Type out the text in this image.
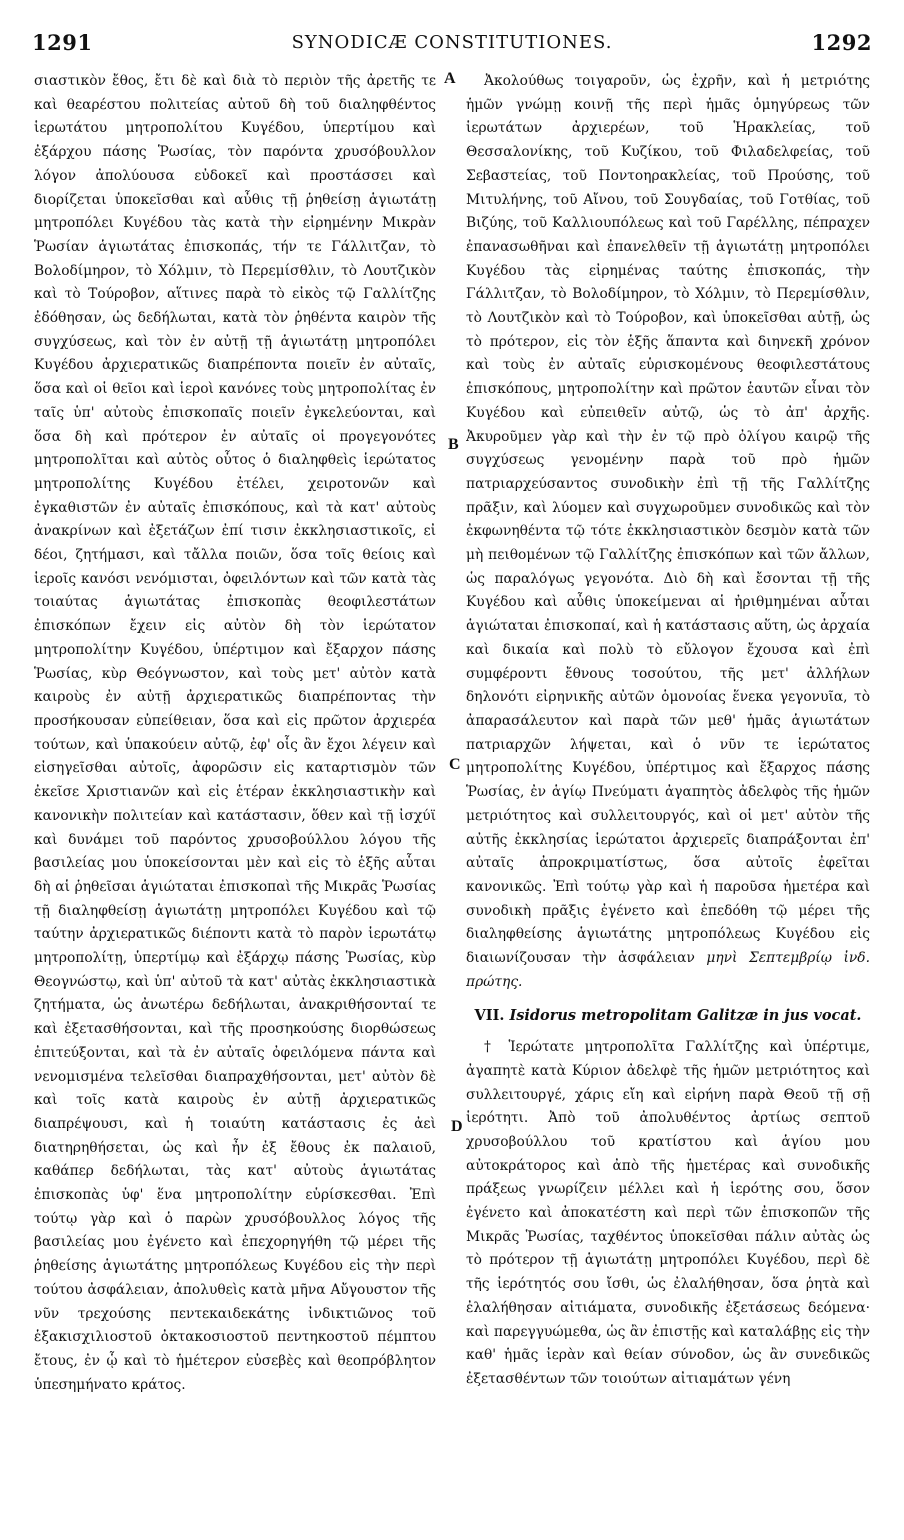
1291	SYNODICÆ CONSTITUTIONES.	1292

σιαστικὸν ἔθος, ἔτι δὲ καὶ διὰ τὸ περιὸν τῆς ἀρετῆς τε καὶ θεαρέστου πολιτείας αὐτοῦ δὴ τοῦ διαληφθέντος ἱερωτάτου μητροπολίτου Κυγέδου, ὑπερτίμου καὶ ἐξάρχου πάσης Ῥωσίας, τὸν παρόντα χρυσόβουλλον λόγον ἀπολύουσα εὐδοκεῖ καὶ προστάσσει καὶ διορίζεται ὑποκεῖσθαι καὶ αὖθις τῇ ῥηθείσῃ ἁγιωτάτῃ μητροπόλει Κυγέδου τὰς κατὰ τὴν εἰρημένην Μικρὰν Ῥωσίαν ἁγιωτάτας ἐπισκοπάς, τήν τε Γάλλιτζαν, τὸ Βολοδίμηρον, τὸ Χόλμιν, τὸ Περεμίσθλιν, τὸ Λουτζικὸν καὶ τὸ Τούροβον, αἵτινες παρὰ τὸ εἰκὸς τῷ Γαλλίτζης ἐδόθησαν, ὡς δεδήλωται, κατὰ τὸν ῥηθέντα καιρὸν τῆς συγχύσεως, καὶ τὸν ἐν αὐτῇ τῇ ἁγιωτάτῃ μητροπόλει Κυγέδου ἀρχιερατικῶς διαπρέποντα ποιεῖν ἐν αὐταῖς, ὅσα καὶ οἱ θεῖοι καὶ ἱεροὶ κανόνες τοὺς μητροπολίτας ἐν ταῖς ὑπ' αὐτοὺς ἐπισκοπαῖς ποιεῖν ἐγκελεύονται, καὶ ὅσα δὴ καὶ πρότερον ἐν αὐταῖς οἱ προγεγονότες μητροπολῖται καὶ αὐτὸς οὗτος ὁ διαληφθεὶς ἱερώτατος μητροπολίτης Κυγέδου ἐτέλει, χειροτονῶν καὶ ἐγκαθιστῶν ἐν αὐταῖς ἐπισκόπους, καὶ τὰ κατ' αὐτοὺς ἀνακρίνων καὶ ἐξετάζων ἐπί τισιν ἐκκλησιαστικοῖς, εἰ δέοι, ζητήμασι, καὶ τἄλλα ποιῶν, ὅσα τοῖς θείοις καὶ ἱεροῖς κανόσι νενόμισται, ὀφειλόντων καὶ τῶν κατὰ τὰς τοιαύτας ἁγιωτάτας ἐπισκοπὰς θεοφιλεστάτων ἐπισκόπων ἔχειν εἰς αὐτὸν δὴ τὸν ἱερώτατον μητροπολίτην Κυγέδου, ὑπέρτιμον καὶ ἔξαρχον πάσης Ῥωσίας, κὺρ Θεόγνωστον, καὶ τοὺς μετ' αὐτὸν κατὰ καιροὺς ἐν αὐτῇ ἀρχιερατικῶς διαπρέποντας τὴν προσήκουσαν εὐπείθειαν, ὅσα καὶ εἰς πρῶτον ἀρχιερέα τούτων, καὶ ὑπακούειν αὐτῷ, ἐφ' οἷς ἂν ἔχοι λέγειν καὶ εἰσηγεῖσθαι αὐτοῖς, ἀφορῶσιν εἰς καταρτισμὸν τῶν ἐκεῖσε Χριστιανῶν καὶ εἰς ἑτέραν ἐκκλησιαστικὴν καὶ κανονικὴν πολιτείαν καὶ κατάστασιν, ὅθεν καὶ τῇ ἰσχύϊ καὶ δυνάμει τοῦ παρόντος χρυσοβούλλου λόγου τῆς βασιλείας μου ὑποκείσονται μὲν καὶ εἰς τὸ ἑξῆς αὗται δὴ αἱ ῥηθεῖσαι ἁγιώταται ἐπισκοπαὶ τῆς Μικρᾶς Ῥωσίας τῇ διαληφθείσῃ ἁγιωτάτῃ μητροπόλει Κυγέδου καὶ τῷ ταύτην ἀρχιερατικῶς διέποντι κατὰ τὸ παρὸν ἱερωτάτῳ μητροπολίτῃ, ὑπερτίμῳ καὶ ἐξάρχῳ πάσης Ῥωσίας, κὺρ Θεογνώστῳ, καὶ ὑπ' αὐτοῦ τὰ κατ' αὐτὰς ἐκκλησιαστικὰ ζητήματα, ὡς ἀνωτέρω δεδήλωται, ἀνακριθήσονταί τε καὶ ἐξετασθήσονται, καὶ τῆς προσηκούσης διορθώσεως ἐπιτεύξονται, καὶ τὰ ἐν αὐταῖς ὀφειλόμενα πάντα καὶ νενομισμένα τελεῖσθαι διαπραχθήσονται, μετ' αὐτὸν δὲ καὶ τοῖς κατὰ καιροὺς ἐν αὐτῇ ἀρχιερατικῶς διαπρέψουσι, καὶ ἡ τοιαύτη κατάστασις ἐς ἀεὶ διατηρηθήσεται, ὡς καὶ ἦν ἐξ ἔθους ἐκ παλαιοῦ, καθάπερ δεδήλωται, τὰς κατ' αὐτοὺς ἁγιωτάτας ἐπισκοπὰς ὑφ' ἕνα μητροπολίτην εὑρίσκεσθαι. Ἐπὶ τούτῳ γὰρ καὶ ὁ παρὼν χρυσόβουλλος λόγος τῆς βασιλείας μου ἐγένετο καὶ ἐπεχορηγήθη τῷ μέρει τῆς ῥηθείσης ἁγιωτάτης μητροπόλεως Κυγέδου εἰς τὴν περὶ τούτου ἀσφάλειαν, ἀπολυθεὶς κατὰ μῆνα Αὔγουστον τῆς νῦν τρεχούσης πεντεκαιδεκάτης ἰνδικτιῶνος τοῦ ἑξακισχιλιοστοῦ ὀκτακοσιοστοῦ πεντηκοστοῦ πέμπτου ἔτους, ἐν ᾧ καὶ τὸ ἡμέτερον εὐσεβὲς καὶ θεοπρόβλητον ὑπεσημήνατο κράτος.

A
B
C
D

Ἀκολούθως τοιγαροῦν, ὡς ἐχρῆν, καὶ ἡ μετριότης ἡμῶν γνώμῃ κοινῇ τῆς περὶ ἡμᾶς ὁμηγύρεως τῶν ἱερωτάτων ἀρχιερέων, τοῦ Ἡρακλείας, τοῦ Θεσσαλονίκης, τοῦ Κυζίκου, τοῦ Φιλαδελφείας, τοῦ Σεβαστείας, τοῦ Ποντοηρακλείας, τοῦ Προύσης, τοῦ Μιτυλήνης, τοῦ Αἴνου, τοῦ Σουγδαίας, τοῦ Γοτθίας, τοῦ Βιζύης, τοῦ Καλλιουπόλεως καὶ τοῦ Γαρέλλης, πέπραχεν ἐπανασωθῆναι καὶ ἐπανελθεῖν τῇ ἁγιωτάτῃ μητροπόλει Κυγέδου τὰς εἰρημένας ταύτης ἐπισκοπάς, τὴν Γάλλιτζαν, τὸ Βολοδίμηρον, τὸ Χόλμιν, τὸ Περεμίσθλιν, τὸ Λουτζικὸν καὶ τὸ Τούροβον, καὶ ὑποκεῖσθαι αὐτῇ, ὡς τὸ πρότερον, εἰς τὸν ἑξῆς ἅπαντα καὶ διηνεκῆ χρόνον καὶ τοὺς ἐν αὐταῖς εὑρισκομένους θεοφιλεστάτους ἐπισκόπους, μητροπολίτην καὶ πρῶτον ἑαυτῶν εἶναι τὸν Κυγέδου καὶ εὐπειθεῖν αὐτῷ, ὡς τὸ ἀπ' ἀρχῆς. Ἀκυροῦμεν γὰρ καὶ τὴν ἐν τῷ πρὸ ὀλίγου καιρῷ τῆς συγχύσεως γενομένην παρὰ τοῦ πρὸ ἡμῶν πατριαρχεύσαντος συνοδικὴν ἐπὶ τῇ τῆς Γαλλίτζης πρᾶξιν, καὶ λύομεν καὶ συγχωροῦμεν συνοδικῶς καὶ τὸν ἐκφωνηθέντα τῷ τότε ἐκκλησιαστικὸν δεσμὸν κατὰ τῶν μὴ πειθομένων τῷ Γαλλίτζης ἐπισκόπων καὶ τῶν ἄλλων, ὡς παραλόγως γεγονότα. Διὸ δὴ καὶ ἔσονται τῇ τῆς Κυγέδου καὶ αὖθις ὑποκείμεναι αἱ ἠριθμημέναι αὗται ἁγιώταται ἐπισκοπαί, καὶ ἡ κατάστασις αὕτη, ὡς ἀρχαία καὶ δικαία καὶ πολὺ τὸ εὔλογον ἔχουσα καὶ ἐπὶ συμφέροντι ἔθνους τοσούτου, τῆς μετ' ἀλλήλων δηλονότι εἰρηνικῆς αὐτῶν ὁμονοίας ἕνεκα γεγονυῖα, τὸ ἀπαρασάλευτον καὶ παρὰ τῶν μεθ' ἡμᾶς ἁγιωτάτων πατριαρχῶν λήψεται, καὶ ὁ νῦν τε ἱερώτατος μητροπολίτης Κυγέδου, ὑπέρτιμος καὶ ἔξαρχος πάσης Ῥωσίας, ἐν ἁγίῳ Πνεύματι ἀγαπητὸς ἀδελφὸς τῆς ἡμῶν μετριότητος καὶ συλλειτουργός, καὶ οἱ μετ' αὐτὸν τῆς αὐτῆς ἐκκλησίας ἱερώτατοι ἀρχιερεῖς διαπράξονται ἐπ' αὐταῖς ἀπροκριματίστως, ὅσα αὐτοῖς ἐφεῖται κανονικῶς. Ἐπὶ τούτῳ γὰρ καὶ ἡ παροῦσα ἡμετέρα καὶ συνοδικὴ πρᾶξις ἐγένετο καὶ ἐπεδόθη τῷ μέρει τῆς διαληφθείσης ἁγιωτάτης μητροπόλεως Κυγέδου εἰς διαιωνίζουσαν τὴν ἀσφάλειαν μηνὶ Σεπτεμβρίῳ ἰνδ. πρώτης.

VII. Isidorus metropolitam Galitzæ in jus vocat.

† Ἱερώτατε μητροπολῖτα Γαλλίτζης καὶ ὑπέρτιμε, ἀγαπητὲ κατὰ Κύριον ἀδελφὲ τῆς ἡμῶν μετριότητος καὶ συλλειτουργέ, χάρις εἴη καὶ εἰρήνη παρὰ Θεοῦ τῇ σῇ ἱερότητι. Ἀπὸ τοῦ ἀπολυθέντος ἀρτίως σεπτοῦ χρυσοβούλλου τοῦ κρατίστου καὶ ἁγίου μου αὐτοκράτορος καὶ ἀπὸ τῆς ἡμετέρας καὶ συνοδικῆς πράξεως γνωρίζειν μέλλει καὶ ἡ ἱερότης σου, ὅσον ἐγένετο καὶ ἀποκατέστη καὶ περὶ τῶν ἐπισκοπῶν τῆς Μικρᾶς Ῥωσίας, ταχθέντος ὑποκεῖσθαι πάλιν αὐτὰς ὡς τὸ πρότερον τῇ ἁγιωτάτῃ μητροπόλει Κυγέδου, περὶ δὲ τῆς ἱερότητός σου ἴσθι, ὡς ἐλαλήθησαν, ὅσα ῥητὰ καὶ ἐλαλήθησαν αἰτιάματα, συνοδικῆς ἐξετάσεως δεόμενα· καὶ παρεγγυώμεθα, ὡς ἂν ἐπιστῇς καὶ καταλάβῃς εἰς τὴν καθ' ἡμᾶς ἱερὰν καὶ θείαν σύνοδον, ὡς ἂν συνεδικῶς ἐξετασθέντων τῶν τοιούτων αἰτιαμάτων γένη
